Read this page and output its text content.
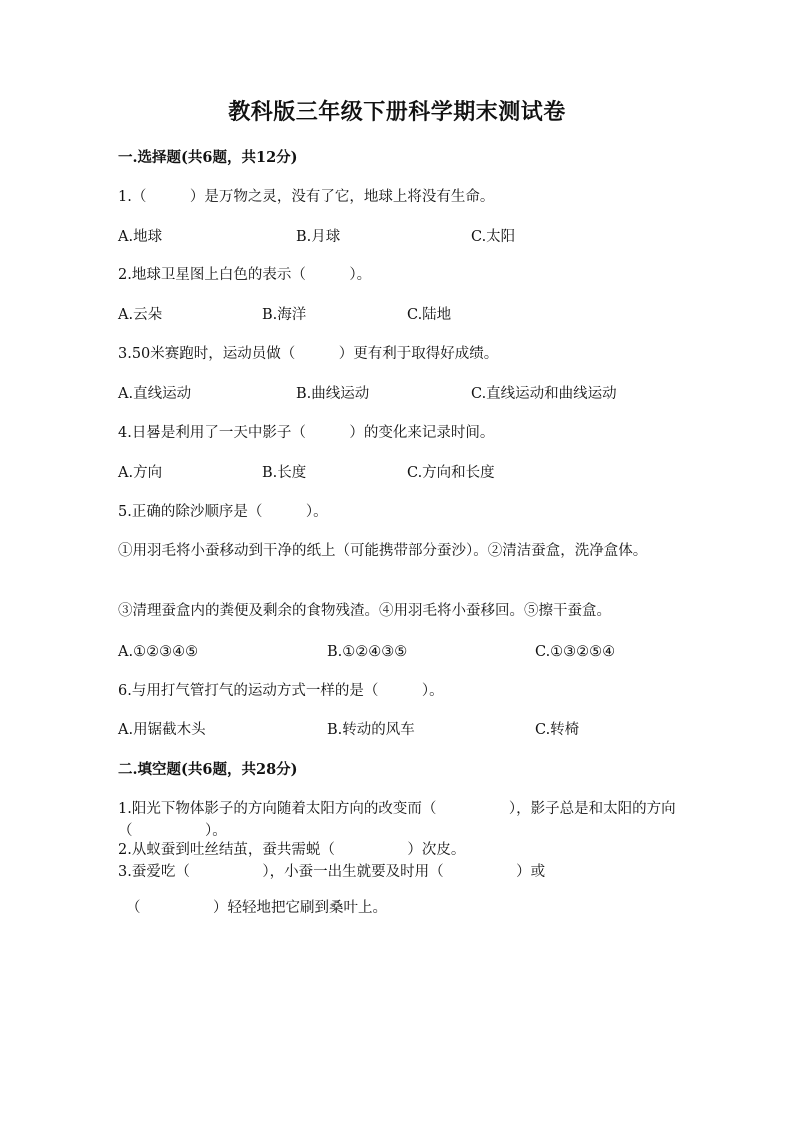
教科版三年级下册科学期末测试卷
一.选择题(共6题，共12分)
1.（　　　）是万物之灵，没有了它，地球上将没有生命。
A.地球	B.月球	C.太阳
2.地球卫星图上白色的表示（　　　）。
A.云朵	B.海洋	C.陆地
3.50米赛跑时，运动员做（　　　）更有利于取得好成绩。
A.直线运动	B.曲线运动	C.直线运动和曲线运动
4.日晷是利用了一天中影子（　　　）的变化来记录时间。
A.方向	B.长度	C.方向和长度
5.正确的除沙顺序是（　　　）。
①用羽毛将小蚕移动到干净的纸上（可能携带部分蚕沙）。②清洁蚕盒，洗净盒体。
③清理蚕盒内的粪便及剩余的食物残渣。④用羽毛将小蚕移回。⑤擦干蚕盒。
A.①②③④⑤	B.①②④③⑤	C.①③②⑤④
6.与用打气管打气的运动方式一样的是（　　　）。
A.用锯截木头	B.转动的风车	C.转椅
二.填空题(共6题，共28分)
1.阳光下物体影子的方向随着太阳方向的改变而（　　　　　），影子总是和太阳的方向（　　　　　）。
2.从蚁蚕到吐丝结茧，蚕共需蜕（　　　　　）次皮。
3.蚕爱吃（　　　　　），小蚕一出生就要及时用（　　　　　）或
（　　　　　）轻轻地把它刷到桑叶上。
